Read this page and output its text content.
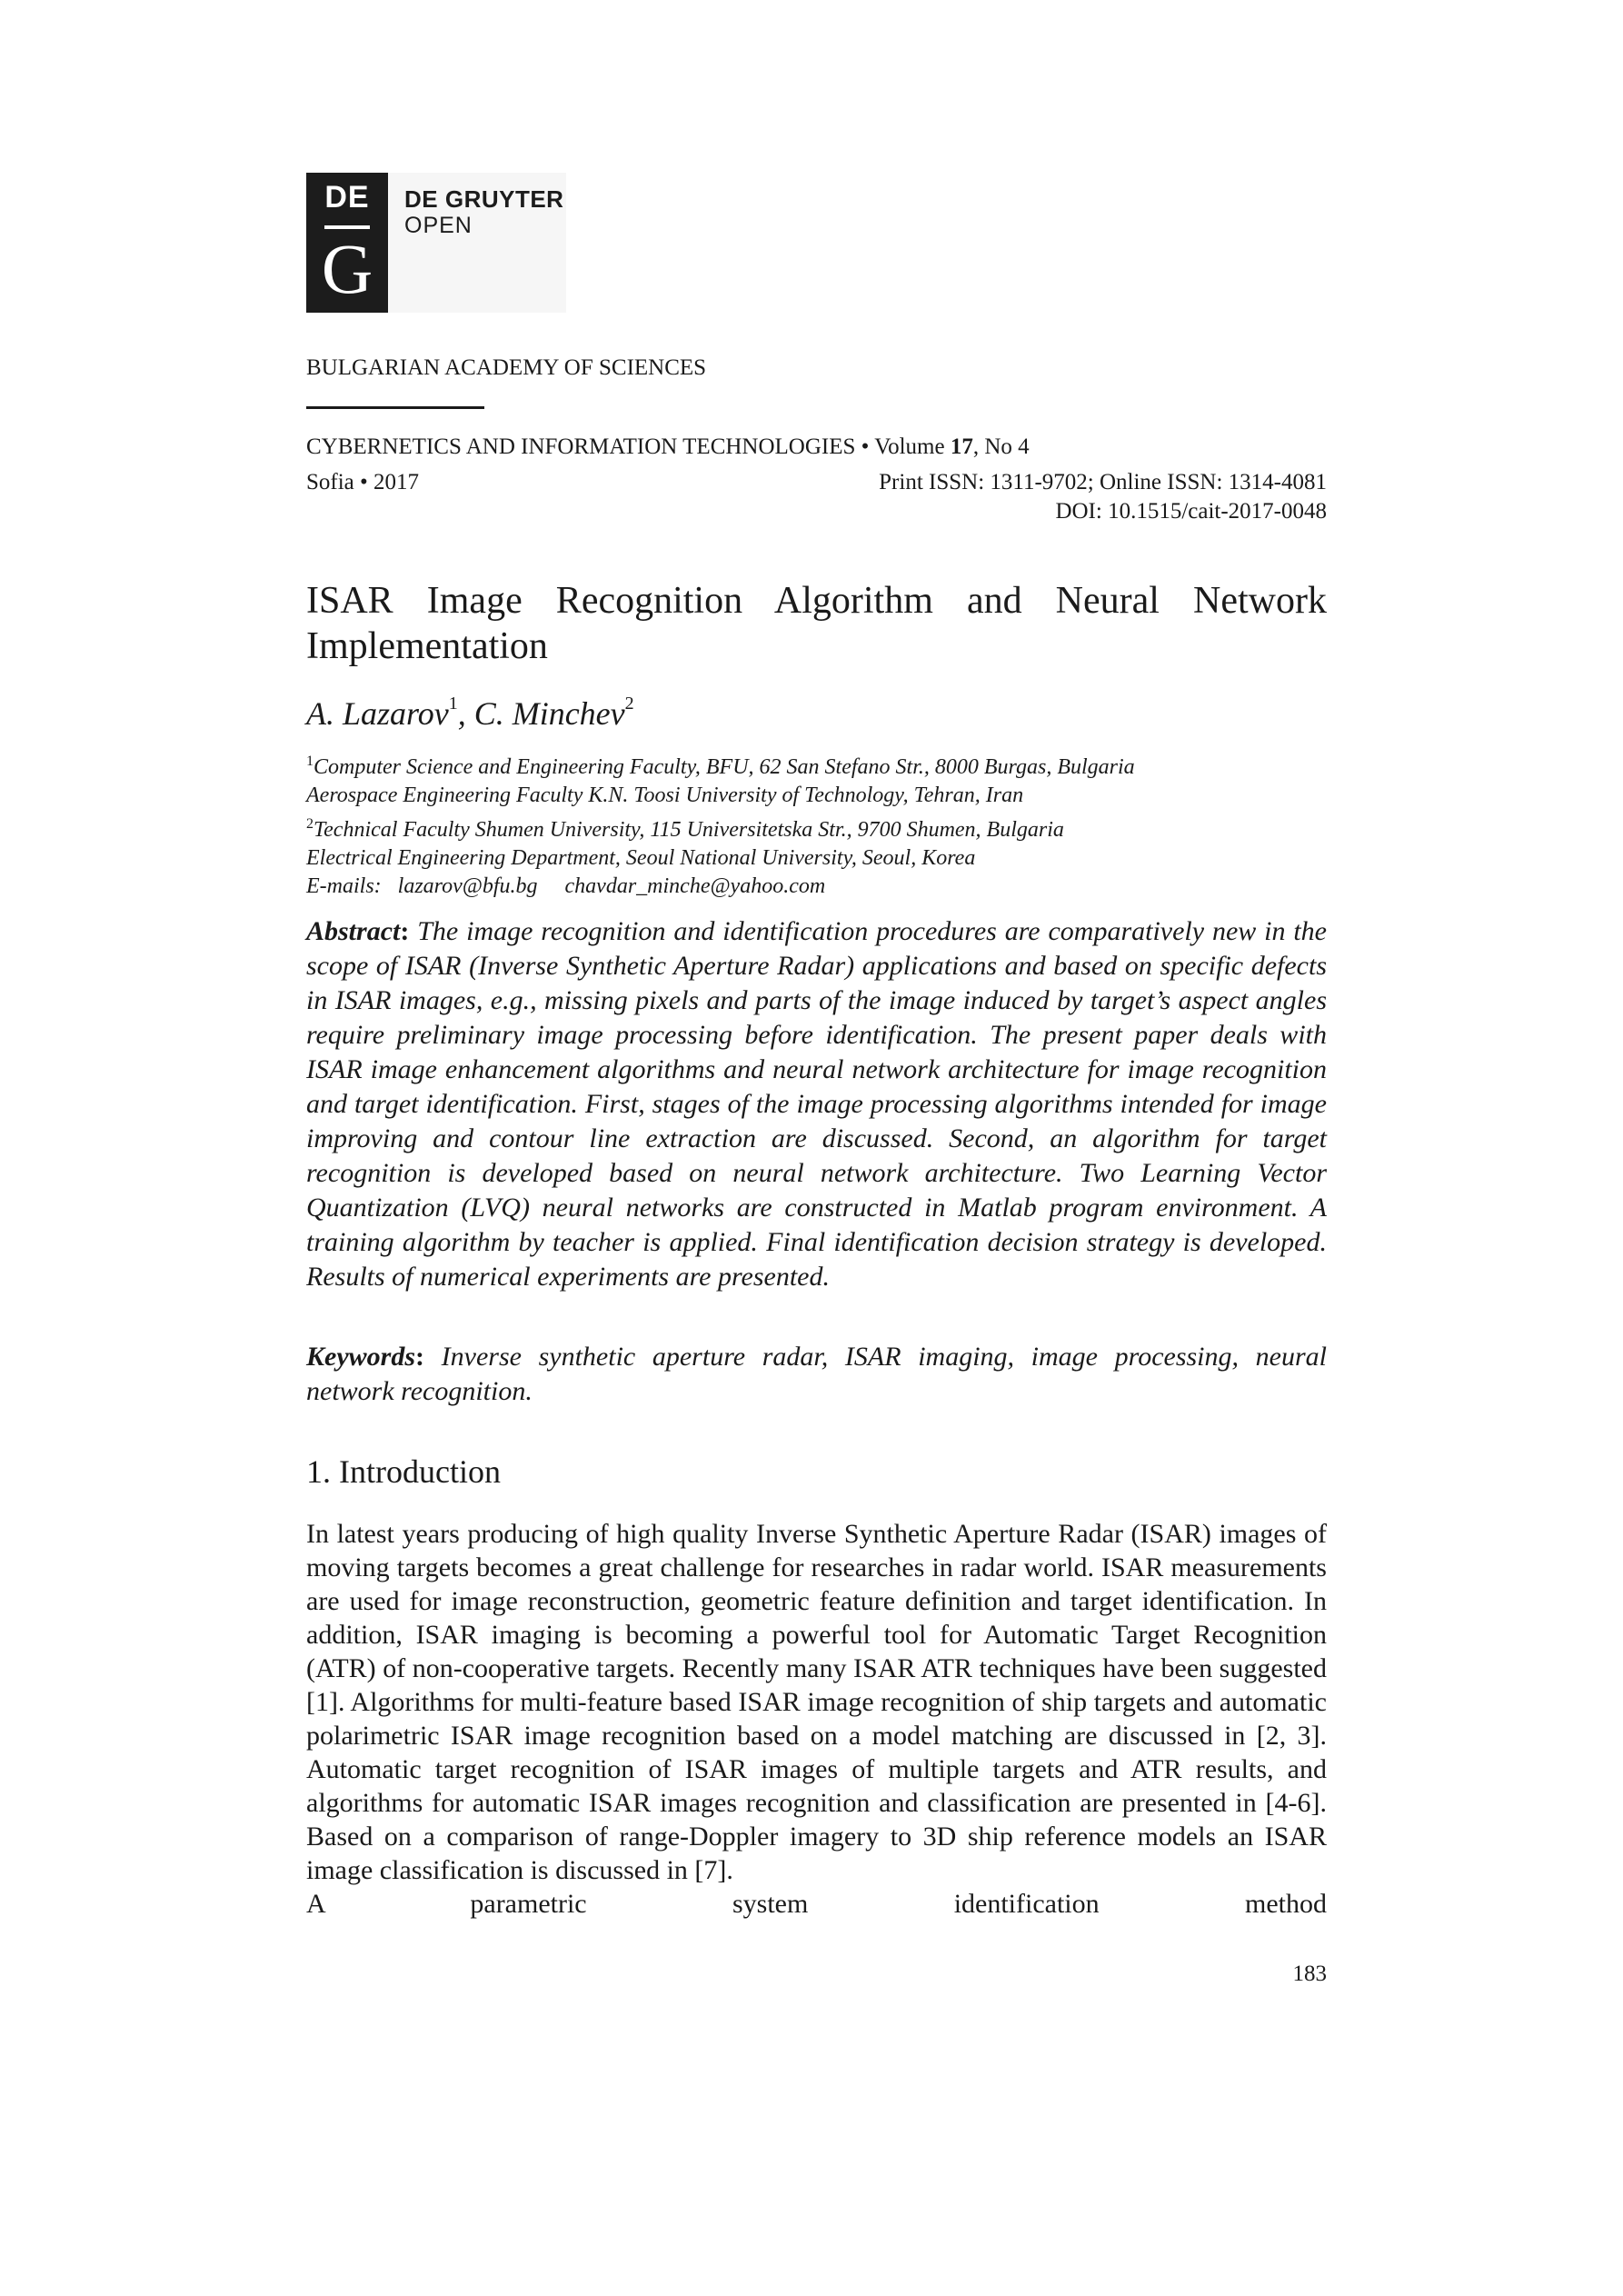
DE
G
DE GRUYTER
OPEN
BULGARIAN ACADEMY OF SCIENCES
CYBERNETICS AND INFORMATION TECHNOLOGIES • Volume 17, No 4
Sofia • 2017	Print ISSN: 1311-9702; Online ISSN: 1314-4081
DOI: 10.1515/cait-2017-0048
ISAR Image Recognition Algorithm and Neural Network
Implementation
A. Lazarov$^1$, C. Minchev$^2$
$^1$Computer Science and Engineering Faculty, BFU, 62 San Stefano Str., 8000 Burgas, Bulgaria
Aerospace Engineering Faculty K.N. Toosi University of Technology, Tehran, Iran
$^2$Technical Faculty Shumen University, 115 Universitetska Str., 9700 Shumen, Bulgaria
Electrical Engineering Department, Seoul National University, Seoul, Korea
E-mails: lazarov@bfu.bg chavdar_minche@yahoo.com
Abstract: The image recognition and identification procedures are comparatively new in the scope of ISAR (Inverse Synthetic Aperture Radar) applications and based on specific defects in ISAR images, e.g., missing pixels and parts of the image induced by target’s aspect angles require preliminary image processing before identification. The present paper deals with ISAR image enhancement algorithms and neural network architecture for image recognition and target identification. First, stages of the image processing algorithms intended for image improving and contour line extraction are discussed. Second, an algorithm for target recognition is developed based on neural network architecture. Two Learning Vector Quantization (LVQ) neural networks are constructed in Matlab program environment. A training algorithm by teacher is applied. Final identification decision strategy is developed. Results of numerical experiments are presented.
Keywords: Inverse synthetic aperture radar, ISAR imaging, image processing, neural network recognition.
1. Introduction
In latest years producing of high quality Inverse Synthetic Aperture Radar (ISAR) images of moving targets becomes a great challenge for researches in radar world. ISAR measurements are used for image reconstruction, geometric feature definition and target identification. In addition, ISAR imaging is becoming a powerful tool for Automatic Target Recognition (ATR) of non-cooperative targets. Recently many ISAR ATR techniques have been suggested [1]. Algorithms for multi-feature based ISAR image recognition of ship targets and automatic polarimetric ISAR image recognition based on a model matching are discussed in [2, 3]. Automatic target recognition of ISAR images of multiple targets and ATR results, and algorithms for automatic ISAR images recognition and classification are presented in [4-6]. Based on a comparison of range-Doppler imagery to 3D ship reference models an ISAR image classification is discussed in [7].
A parametric system identification method
183
